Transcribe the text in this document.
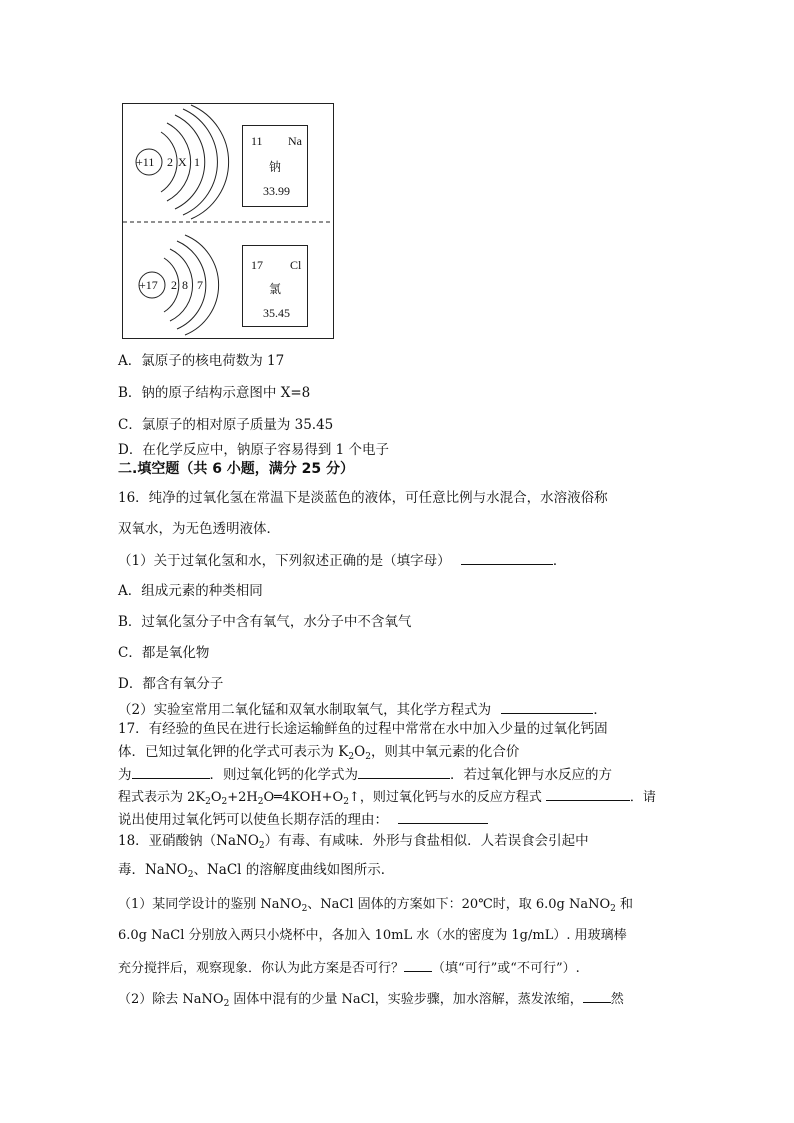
+11 2 X 1
11 Na
钠
33.99
+17 2 8 7
17 Cl
氯
35.45
A．氯原子的核电荷数为 17
B．钠的原子结构示意图中 X=8
C．氯原子的相对原子质量为 35.45
D．在化学反应中，钠原子容易得到 1 个电子
二.填空题（共 6 小题，满分 25 分）
16．纯净的过氧化氢在常温下是淡蓝色的液体，可任意比例与水混合，水溶液俗称
双氧水，为无色透明液体．
（1）关于过氧化氢和水，下列叙述正确的是（填字母）	．
A．组成元素的种类相同
B．过氧化氢分子中含有氧气，水分子中不含氧气
C．都是氧化物
D．都含有氧分子
（2）实验室常用二氧化锰和双氧水制取氧气，其化学方程式为	．
17．有经验的鱼民在进行长途运输鲜鱼的过程中常常在水中加入少量的过氧化钙固
体．已知过氧化钾的化学式可表示为 $K_2O_2$，则其中氧元素的化合价
为	．则过氧化钙的化学式为	．若过氧化钾与水反应的方
程式表示为 $2K_2O_2+2H_2O═4KOH+O_2↑$，则过氧化钙与水的反应方程式	．请
说出使用过氧化钙可以使鱼长期存活的理由：
18．亚硝酸钠（NaNO$_2$）有毒、有咸味．外形与食盐相似．人若误食会引起中
毒．NaNO$_2$、NaCl 的溶解度曲线如图所示．
（1）某同学设计的鉴别 NaNO$_2$、NaCl 固体的方案如下：20℃时，取 6.0g NaNO$_2$ 和
6.0g NaCl 分别放入两只小烧杯中，各加入 10mL 水（水的密度为 1g/mL）. 用玻璃棒
充分搅拌后，观察现象．你认为此方案是否可行？ （填“可行”或“不可行”）.
（2）除去 NaNO$_2$ 固体中混有的少量 NaCl，实验步骤，加水溶解，蒸发浓缩， 然
